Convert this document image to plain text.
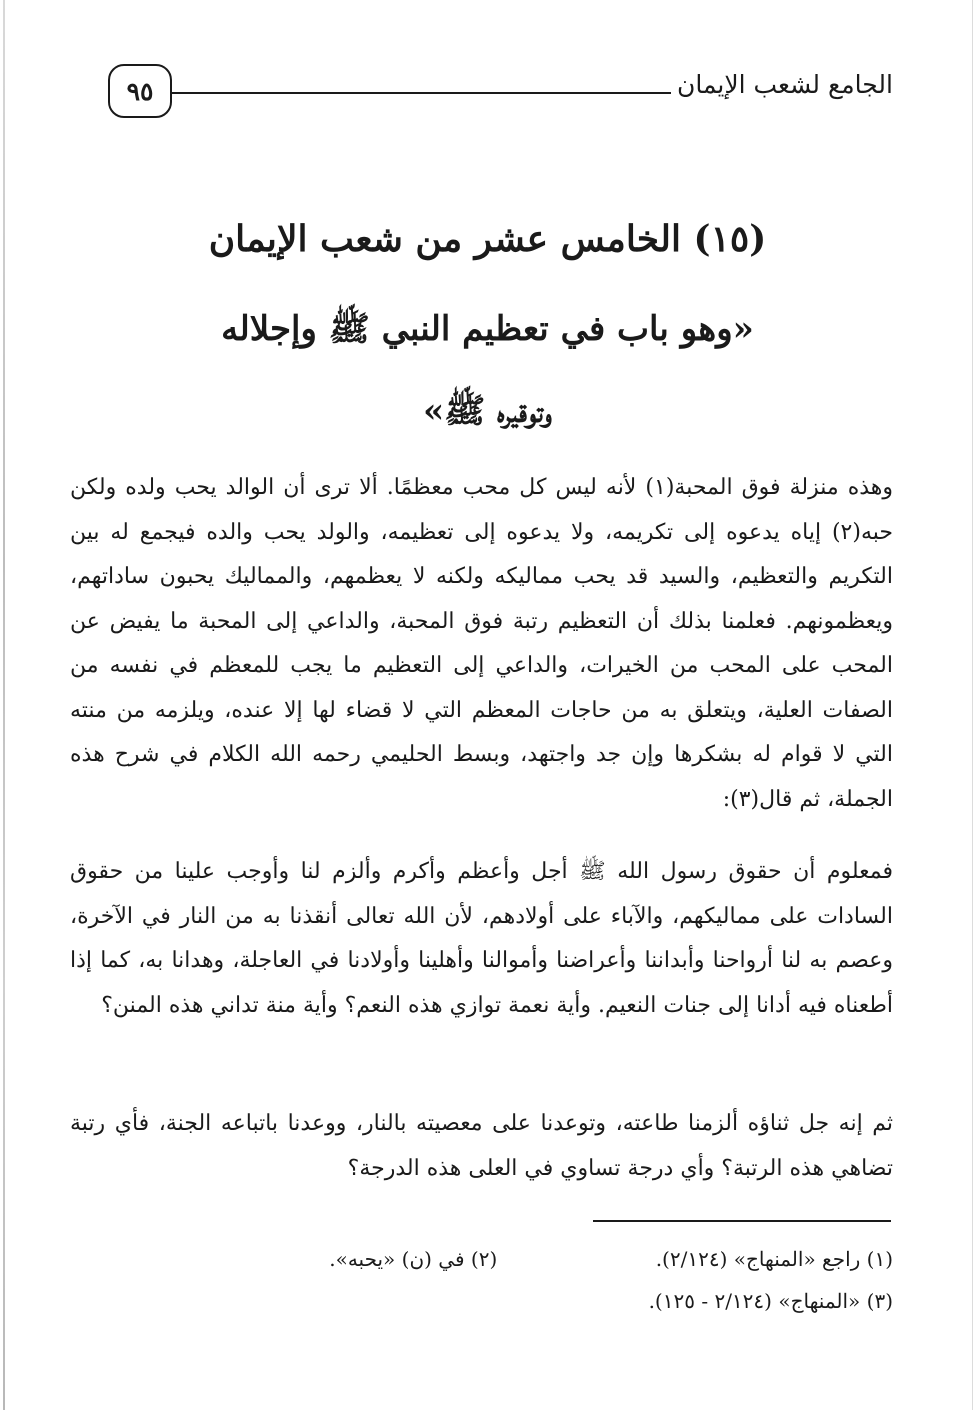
الجامع لشعب الإيمان
٩٥
(١٥) الخامس عشر من شعب الإيمان
«وهو باب في تعظيم النبي ﷺ وإجلاله
وتوقيره ﷺ»
وهذه منزلة فوق المحبة(١) لأنه ليس كل محب معظمًا. ألا ترى أن الوالد يحب ولده ولكن حبه(٢) إياه يدعوه إلى تكريمه، ولا يدعوه إلى تعظيمه، والولد يحب والده فيجمع له بين التكريم والتعظيم، والسيد قد يحب مماليكه ولكنه لا يعظمهم، والمماليك يحبون ساداتهم، ويعظمونهم. فعلمنا بذلك أن التعظيم رتبة فوق المحبة، والداعي إلى المحبة ما يفيض عن المحب على المحب من الخيرات، والداعي إلى التعظيم ما يجب للمعظم في نفسه من الصفات العلية، ويتعلق به من حاجات المعظم التي لا قضاء لها إلا عنده، ويلزمه من منته التي لا قوام له بشكرها وإن جد واجتهد، وبسط الحليمي رحمه الله الكلام في شرح هذه الجملة، ثم قال(٣):
فمعلوم أن حقوق رسول الله ﷺ أجل وأعظم وأكرم وألزم لنا وأوجب علينا من حقوق السادات على مماليكهم، والآباء على أولادهم، لأن الله تعالى أنقذنا به من النار في الآخرة، وعصم به لنا أرواحنا وأبداننا وأعراضنا وأموالنا وأهلينا وأولادنا في العاجلة، وهدانا به، كما إذا أطعناه فيه أدانا إلى جنات النعيم. وأية نعمة توازي هذه النعم؟ وأية منة تداني هذه المنن؟
ثم إنه جل ثناؤه ألزمنا طاعته، وتوعدنا على معصيته بالنار، ووعدنا باتباعه الجنة، فأي رتبة تضاهي هذه الرتبة؟ وأي درجة تساوي في العلى هذه الدرجة؟
(١) راجع «المنهاج» (٢/١٢٤).
(٢) في (ن) «يحبه».
(٣) «المنهاج» (٢/١٢٤ - ١٢٥).
